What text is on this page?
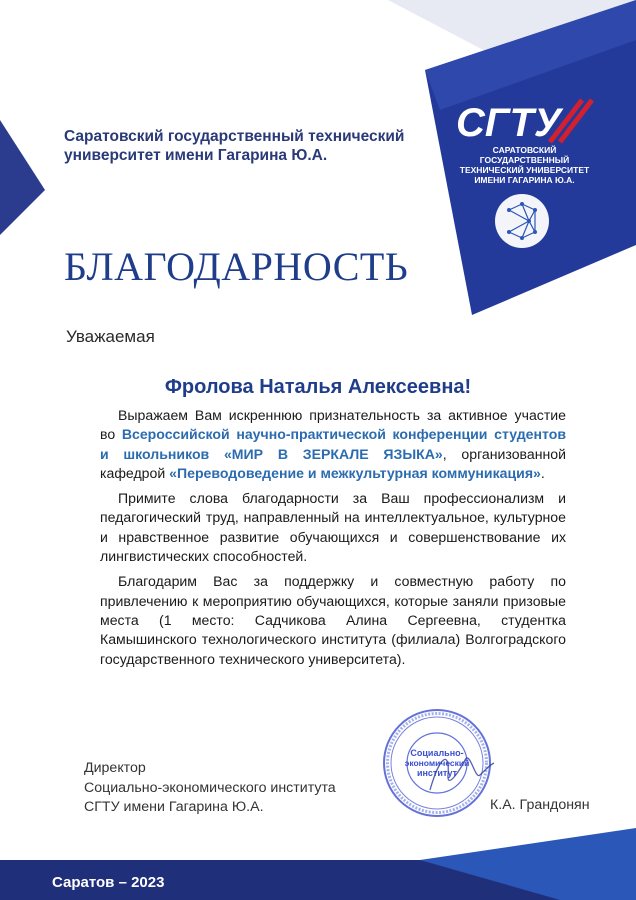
Саратовский государственный технический
университет имени Гагарина Ю.А.
СГТУ
САРАТОВСКИЙ ГОСУДАРСТВЕННЫЙ
ТЕХНИЧЕСКИЙ УНИВЕРСИТЕТ
ИМЕНИ ГАГАРИНА Ю.А.
БЛАГОДАРНОСТЬ
Уважаемая
Фролова Наталья Алексеевна!

Выражаем Вам искреннюю признательность за активное участие во Всероссийской научно-практической конференции студентов и школьников «МИР В ЗЕРКАЛЕ ЯЗЫКА», организованной кафедрой «Переводоведение и межкультурная коммуникация».

Примите слова благодарности за Ваш профессионализм и педагогический труд, направленный на интеллектуальное, культурное и нравственное развитие обучающихся и совершенствование их лингвистических способностей.

Благодарим Вас за поддержку и совместную работу по привлечению к мероприятию обучающихся, которые заняли призовые места (1 место: Садчикова Алина Сергеевна, студентка Камышинского технологического института (филиала) Волгоградского государственного технического университета).

Директор
Социально-экономического института
СГТУ имени Гагарина Ю.А.	К.А. Грандонян
Социально-
экономический
институт
Саратов – 2023
